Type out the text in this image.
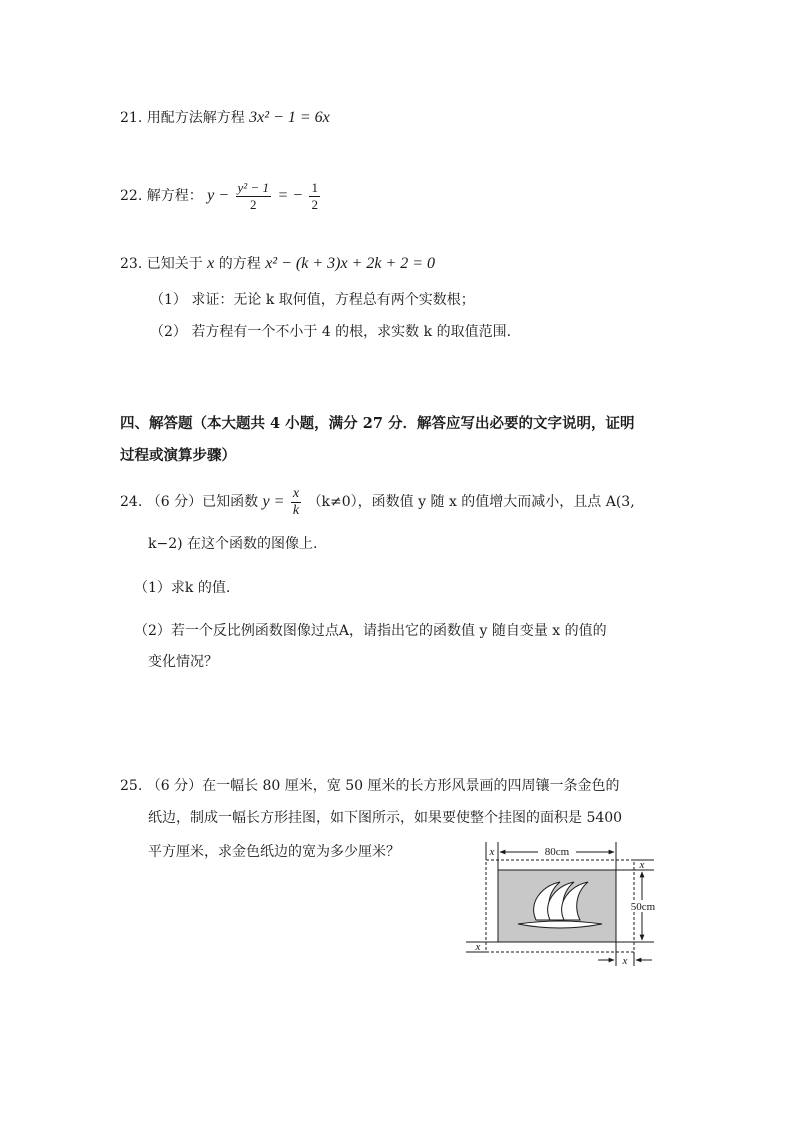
21. 用配方法解方程 3x² − 1 = 6x
22. 解方程： $y - \frac{\text{y² − 1}}{2}$ = − $\frac{1}{2}$
23. 已知关于 x 的方程 x² − (k + 3)x + 2k + 2 = 0
（1） 求证：无论 k 取何值，方程总有两个实数根；
（2） 若方程有一个不小于 4 的根，求实数 k 的取值范围.
四、解答题（本大题共 4 小题，满分 27 分．解答应写出必要的文字说明，证明
过程或演算步骤）
24. （6 分）已知函数 $y = \frac{x}{k} (k\ne 0)$，函数值 y 随 x 的值增大而减小，且点 A(3,
k−2) 在这个函数的图像上.
（1）求k 的值.
（2）若一个反比例函数图像过点A，请指出它的函数值 y 随自变量 x 的值的
变化情况？
25. （6 分）在一幅长 80 厘米，宽 50 厘米的长方形风景画的四周镶一条金色的
纸边，制成一幅长方形挂图，如下图所示，如果要使整个挂图的面积是 5400
平方厘米，求金色纸边的宽为多少厘米？	80cm
x
50cm
x
x
x
